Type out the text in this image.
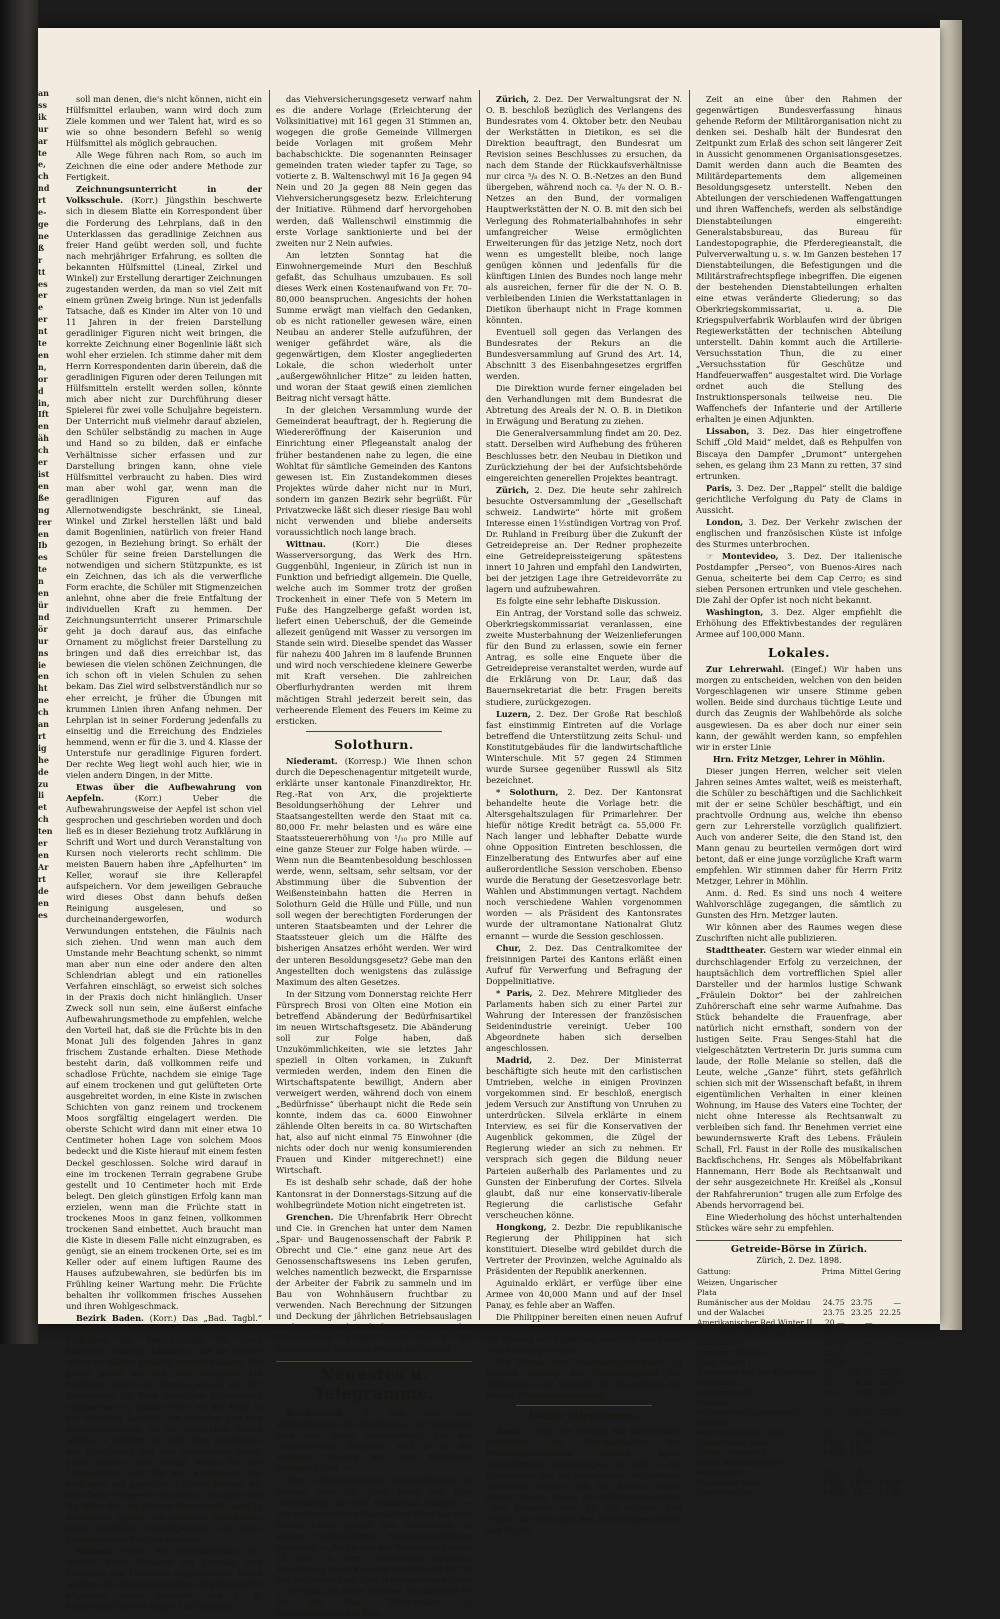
an
ss
ik
ur
ar
te
e,
ch
nd
rt
e-
ge
ne
ß
r
tt
es
er
e
er
nt
te
en
n,
or
d
in,
Ift
en
äh
ch
er
ist
en
ße
ng
rer
en
Ib
es
te
n
en
ür
nd
ör
ur
ns
ie
en
ht
ne
ch
an
rt
ig
he
de
zu
li
et
ch
ten
er
en
Ar
rt
de
en
es

soll man denen, die's nicht können, nicht ein Hülfsmittel erlauben, wann wird doch zum Ziele kommen und wer Talent hat, wird es so wie so ohne besondern Befehl so wenig Hülfsmittel als möglich gebrauchen.

Alle Wege führen nach Rom, so auch im Zeichnen die eine oder andere Methode zur Fertigkeit.

Zeichnungsunterricht in der Volksschule. (Korr.) Jüngsthin beschwerte sich in diesem Blatte ein Korrespondent über die Forderung des Lehrplans, daß in den Unterklassen das geradlinige Zeichnen aus freier Hand geübt werden soll, und fuchte nach mehrjähriger Erfahrung, es sollten die bekannten Hülfsmittel (Lineal, Zirkel und Winkel) zur Erstellung derartiger Zeichnungen zugestanden werden, da man so viel Zeit mit einem grünen Zweig bringe. Nun ist jedenfalls Tatsache, daß es Kinder im Alter von 10 und 11 Jahren in der freien Darstellung geradliniger Figuren nicht weit bringen, die korrekte Zeichnung einer Bogenlinie läßt sich wohl eher erzielen. Ich stimme daher mit dem Herrn Korrespondenten darin überein, daß die geradlinigen Figuren oder deren Teilungen mit Hülfsmitteln erstellt werden sollen, könnte mich aber nicht zur Durchführung dieser Spielerei für zwei volle Schuljahre begeistern. Der Unterricht muß vielmehr darauf abzielen, den Schüler selbständig zu machen in Auge und Hand so zu bilden, daß er einfache Verhältnisse sicher erfassen und zur Darstellung bringen kann, ohne viele Hülfsmittel verbraucht zu haben. Dies wird man aber wohl gar, wenn man die geradlinigen Figuren auf das Allernotwendigste beschränkt, sie Lineal, Winkel und Zirkel herstellen läßt und bald damit Bogenlinien, natürlich von freier Hand gezogen, in Beziehung bringt. So erhält der Schüler für seine freien Darstellungen die notwendigen und sichern Stützpunkte, es ist ein Zeichnen, das ich als die verwerfliche Form erachte, die Schüler mit Stigmenzeichen anlehnt, ohne aber die freie Entfaltung der individuellen Kraft zu hemmen. Der Zeichnungsunterricht unserer Primarschule geht ja doch darauf aus, das einfache Ornament zu möglichst freier Darstellung zu bringen und daß dies erreichbar ist, das bewiesen die vielen schönen Zeichnungen, die ich schon oft in vielen Schulen zu sehen bekam. Das Ziel wird selbstverständlich nur so eher erreicht, je früher die Übungen mit krummen Linien ihren Anfang nehmen. Der Lehrplan ist in seiner Forderung jedenfalls zu einseitig und die Erreichung des Endzieles hemmend, wenn er für die 3. und 4. Klasse der Unterstufe nur geradlinige Figuren fordert. Der rechte Weg liegt wohl auch hier, wie in vielen andern Dingen, in der Mitte.

Etwas über die Aufbewahrung von Aepfeln.	(Korr.) Ueber die Aufbewahrungsweise der Aepfel ist schon viel gesprochen und geschrieben worden und doch ließ es in dieser Beziehung trotz Aufklärung in Schrift und Wort und durch Veranstaltung von Kursen noch vielerorts recht schlimm. Die meisten Bauern haben ihre „Apfelhurten“ im Keller, worauf sie ihre Kellerapfel aufspeichern. Vor dem jeweiligen Gebrauche wird dieses Obst dann behufs deßen Reinigung ausgelesen, und so durcheinandergeworfen, wodurch Verwundungen entstehen, die Fäulnis nach sich ziehen. Und wenn man auch dem Umstande mehr Beachtung schenkt, so nimmt man aber nun eine oder andere den alten Schlendrian ablegt und ein rationelles Verfahren einschlägt, so erweist sich solches in der Praxis doch nicht hinlänglich. Unser Zweck soll nun sein, eine äußerst einfache Aufbewahrungsmethode zu empfehlen, welche den Vorteil hat, daß sie die Früchte bis in den Monat Juli des folgenden Jahres in ganz frischem Zustande erhalten. Diese Methode besteht darin, daß vollkommen reife und schadlose Früchte, nachdem sie einige Tage auf einem trockenen und gut gelüfteten Orte ausgebreitet worden, in eine Kiste in zwischen Schichten von ganz reinem und trockenem Moos sorgfältig eingelagert werden. Die oberste Schicht wird dann mit einer etwa 10 Centimeter hohen Lage von solchem Moos bedeckt und die Kiste hierauf mit einem festen Deckel geschlossen. Solche wird darauf in eine im trockenen Terrain gegrabene Grube gestellt und 10 Centimeter hoch mit Erde belegt. Den gleich günstigen Erfolg kann man erzielen, wenn man die Früchte statt in trockenes Moos in ganz feinen, vollkommen trockenen Sand einbettet. Auch braucht man die Kiste in diesem Falle nicht einzugraben, es genügt, sie an einem trockenen Orte, sei es im Keller oder auf einem luftigen Raume des Hauses aufzubewahren, sie bedürfen bis im Frühling keiner Wartung mehr. Die Früchte behalten ihr vollkommen frisches Aussehen und ihren Wohlgeschmack.

Bezirk Baden. (Korr.) Das „Bad. Tagbl.“ schwingt zu der Großratswahl im Kreise Mellingen das Weihrauchfaß für einen liberalen Günstling Lehmann, daß die Wähler schon zu wählen genötigt werden müssen. Wir geben gerne zu, daß sein Ausgleich bei Mellingen einer sein Kreuze sowohl wie der Aristokratie im Rate manchem Schulbändel ausgesessen im Stande wäre, als der Kreis in der Mehrheit besteht: den Arbeiter- und den Kleinbauernstand, in die Schranken treten würde, so müßten wir doch dem Kandidaten der Hochfinanz und der Aristokratie kennt, nicht: dessen Herz schlägt weder für den Lohnarbeiter noch für den Kleinbauer. Für Mellingen auf geprüften Lehrern kennen wir den Herrn Fürsprech von nicht. Uebrigens hat Hr. Ißler, der mit Armern überschnitt, wohl in Ambrerach gerade bei letzteren Umständen, seine Kandidatur zurückgezogen, um einem Einheimischen Platz zu machen.

Freiamt. (Korr.) Wie vorauszusehen war, wurden beide Vorlagen am Sonntag vom Souverän des Freiamtes angenommen. Dabei wurden die allerbedeutendsten Ergebnisse für allgemein höher gemacht, wie z. B. Sarmenstorf mit 76 gegen 122 Stimmen

das Viehversicherungsgesetz verwarf nahm es die andere Vorlage (Erleichterung der Volksinitiative) mit 161 gegen 31 Stimmen an, wogegen die große Gemeinde Villmergen beide Vorlagen mit großem Mehr bachabschickte. Die sogenannten Reinsager gemeinden traten wieder tapfer zu Tage, so votierte z. B. Waltenschwyl mit 16 Ja gegen 94 Nein und 20 Ja gegen 88 Nein gegen das Viehversicherungsgesetz bezw. Erleichterung der Initiative. Rühmend darf hervorgehoben werden, daß Wallenschwil einstimmig die erste Vorlage sanktionierte und bei der zweiten nur 2 Nein aufwies.

Am letzten Sonntag hat die Einwohnergemeinde Muri den Beschluß gefaßt, das Schulhaus umzubauen. Es soll dieses Werk einen Kostenaufwand von Fr. 70–80,000 beanspruchen. Angesichts der hohen Summe erwägt man vielfach den Gedanken, ob es nicht rationeller gewesen wäre, einen Neubau an anderer Stelle aufzuführen, der weniger gefährdet wäre, als die gegenwärtigen, dem Kloster angegliederten Lokale, die schon wiederholt unter „außergewöhnlicher Hitze“ zu leiden hatten, und woran der Staat gewiß einen ziemlichen Beitrag nicht versagt hätte.

In der gleichen Versammlung wurde der Gemeinderat beauftragt, der h. Regierung die Wiedereröffnung der Kaiserunion und Einrichtung einer Pflegeanstalt analog der früher bestandenen nahe zu legen, die eine Wohltat für sämtliche Gemeinden des Kantons gewesen ist. Ein Zustandekommen dieses Projektes würde daher nicht nur in Muri, sondern im ganzen Bezirk sehr begrüßt. Für Privatzwecke läßt sich dieser riesige Bau wohl nicht verwenden und bliebe anderseits voraussichtlich noch lange brach.

Wittnau.	(Korr.) Die dieses Wasserversorgung, das Werk des Hrn. Guggenbühl, Ingenieur, in Zürich ist nun in Funktion und befriedigt allgemein. Die Quelle, welche auch im Sommer trotz der großen Trockenheit in einer Tiefe von 5 Metern im Fuße des Hangzelberge gefaßt worden ist, liefert einen Ueberschuß, der die Gemeinde allezeit genügend mit Wasser zu versorgen im Stande sein wird. Dieselbe spendet das Wasser für nahezu 400 Jahren im 8 laufende Brunnen und wird noch verschiedene kleinere Gewerbe mit Kraft versehen. Die zahlreichen Oberflurhydranten werden mit ihrem mächtigen Strahl jederzeit bereit sein, das verheerende Element des Feuers im Keime zu ersticken.

Solothurn.

Niederamt. (Korresp.) Wie Ihnen schon durch die Depeschenagentur mitgeteilt wurde, erklärte unser kantonale Finanzdirektor, Hr. Reg.-Rat von Arx, die projektierte Besoldungserhöhung der Lehrer und Staatsangestellten werde den Staat mit ca. 80,000 Fr. mehr belasten und es wäre eine Staatssteuererhöhung von ¹/₁₀ pro Mille auf eine ganze Steuer zur Folge haben würde. — Wenn nun die Beamtenbesoldung beschlossen werde, wenn, seltsam, sehr seltsam, vor der Abstimmung über die Subvention der Weißensteinbahn hatten die Herren in Solothurn Geld die Hülle und Fülle, und nun soll wegen der berechtigten Forderungen der unteren Staatsbeamten und der Lehrer die Staatssteuer gleich um die Hälfte des bisherigen Ansatzes erhöht werden. Wer wird der unteren Besoldungsgesetz? Gebe man den Angestellten doch wenigstens das zulässige Maximum des alten Gesetzes.

In der Sitzung vom Donnerstag reichte Herr Fürsprech Brosi von Olten eine Motion ein betreffend Abänderung der Bedürfnisartikel im neuen Wirtschaftsgesetz. Die Abänderung soll zur Folge haben, daß Unzukömmlichkeiten, wie sie letztes Jahr speziell in Olten vorkamen, in Zukunft vermieden werden, indem den Einen die Wirtschaftspatente bewilligt, Andern aber verweigert werden, während doch von einem „Bedürfnisse“ überhaupt nicht die Rede sein konnte, indem das ca. 6000 Einwohner zählende Olten bereits in ca. 80 Wirtschaften hat, also auf nicht einmal 75 Einwohner (die nichts oder doch nur wenig konsumierenden Frauen und Kinder mitgerechnet!) eine Wirtschaft.

Es ist deshalb sehr schade, daß der hohe Kantonsrat in der Donnerstags-Sitzung auf die wohlbegründete Motion nicht eingetreten ist.

Grenchen. Die Uhrenfabrik Herr Obrecht und Cie. in Grenchen hat unter dem Namen „Spar- und Baugenossenschaft der Fabrik P. Obrecht und Cie.“ eine ganz neue Art des Genossenschaftswesens ins Leben gerufen, welches namentlich bezweckt, die Ersparnisse der Arbeiter der Fabrik zu sammeln und im Bau von Wohnhäusern fruchtbar zu verwenden. Nach Berechnung der Sitzungen und Deckung der jährlichen Betriebsauslagen wird vom Ueberschuß 30 % in den Reservefonds gelegt und 70 % als Gewinnanteil unter die Mitglieder verteilt.

Neuestes u. Telegramme.

Bundesstadt, 2. Dez. Aus den Verhandlungen des Bundesrats. Der Bundesrat wird sich heute ausschließlich mit der Gesamtvorlage befassen, weil er in der heutigen Sitzung nur vier Mitglieder anwesend sind. —

Zum schweizerischen Generalkonsul in Brüssel wird Hr. Jules Borel von Bôle (Neuenburg), zur Zeit Vizekonsul, ernannt. — Der schweizerische Gesandte in Wien hat dem Kaiser Franz Joseph von Oesterreich zu seinem fünfzigjährigen Regierungsjubiläum gratuliert. — An die aus der Bundesstadt unter 25 Dez. in Bern verlassenen Beamten, Bewilligung eines Kredites von 395,000 Fr. für den Bau eines Post- und Telegraphengebäudes in Herisau und eines Kredites von 495,000 Fr. für ein Post-, Telegraphen- u. Telephongebäude in Zug.

Zürich, 2. Dez. Der Verwaltungsrat der N. O. B. beschloß bezüglich des Verlangens des Bundesrates vom 4. Oktober betr. den Neubau der Werkstätten in Dietikon, es sei die Direktion beauftragt, den Bundesrat um Revision seines Beschlusses zu ersuchen, da nach dem Stande der Rückkaufsverhältnisse nur circa ⁵/₈ des N. O. B.-Netzes an den Bund übergeben, während noch ca. ³/₈ der N. O. B.-Netzes an den Bund, der vormaligen Hauptwerkstätten der N. O. B. mit den sich bei Verlegung des Rohmaterialbahnhofes in sehr umfangreicher Weise ermöglichten Erweiterungen für das jetzige Netz, noch dort wenn es umgestellt bleibe, noch lange genügen können und jedenfalls für die künftigen Linien des Bundes noch lange mehr als ausreichen, ferner für die der N. O. B. verbleibenden Linien die Werkstattanlagen in Dietikon überhaupt nicht in Frage kommen könnten.

Eventuell soll gegen das Verlangen des Bundesrates der Rekurs an die Bundesversammlung auf Grund des Art. 14, Abschnitt 3 des Eisenbahngesetzes ergriffen werden.

Die Direktion wurde ferner eingeladen bei den Verhandlungen mit dem Bundesrat die Abtretung des Areals der N. O. B. in Dietikon in Erwägung und Beratung zu ziehen.

Die Generalversammlung findet am 20. Dez. statt. Derselben wird Aufhebung des früheren Beschlusses betr. den Neubau in Dietikon und Zurückziehung der bei der Aufsichtsbehörde eingereichten generellen Projektes beantragt.

Zürich, 2. Dez. Die heute sehr zahlreich besuchte Ostversammlung der „Gesellschaft schweiz. Landwirte“ hörte mit großem Interesse einen 1½stündigen Vortrag von Prof. Dr. Ruhland in Freiburg über die Zukunft der Getreidepreise an. Der Redner prophezeite eine Getreidepreissteigerung spätestens innert 10 Jahren und empfahl den Landwirten, bei der jetzigen Lage ihre Getreidevorräte zu lagern und aufzubewahren.

Es folgte eine sehr lebhafte Diskussion.

Ein Antrag, der Vorstand solle das schweiz. Oberkriegskommissariat veranlassen, eine zweite Musterbahnung der Weizenlieferungen für den Bund zu erlassen, sowie ein ferner Antrag, es solle eine Enquete über die Getreidepreise veranstaltet werden, wurde auf die Erklärung von Dr. Laur, daß das Bauernsekretariat die betr. Fragen bereits studiere, zurückgezogen.

Luzern, 2. Dez. Der Große Rat beschloß fast einstimmig Eintreten auf die Vorlage betreffend die Unterstützung zeits Schul- und Konstitutgebäudes für die landwirtschaftliche Winterschule. Mit 57 gegen 24 Stimmen wurde Sursee gegenüber Russwil als Sitz bezeichnet.

* Solothurn, 2. Dez. Der Kantonsrat behandelte heute die Vorlage betr. die Altersgehaltszulagen für Primarlehrer. Der hiefür nötige Kredit beträgt ca. 55,000 Fr. Nach langer und lebhafter Debatte wurde ohne Opposition Eintreten beschlossen, die Einzelberatung des Entwurfes aber auf eine außerordentliche Session verschoben. Ebenso wurde die Beratung der Gesetzesvorlage betr. Wahlen und Abstimmungen vertagt. Nachdem noch verschiedene Wahlen vorgenommen worden — als Präsident des Kantonsrates wurde der ultramontane Nationalrat Glutz ernannt — wurde die Session geschlossen.

Chur, 2. Dez. Das Centralkomitee der freisinnigen Partei des Kantons erläßt einen Aufruf für Verwerfung und Befragung der Doppelinitiative.

* Paris, 2. Dez. Mehrere Mitglieder des Parlaments haben sich zu einer Partei zur Wahrung der Interessen der französischen Seidenindustrie vereinigt. Ueber 100 Abgeordnete haben sich derselben angeschlossen.

Madrid, 2. Dez. Der Ministerrat beschäftigte sich heute mit den carlistischen Umtrieben, welche in einigen Provinzen vorgekommen sind. Er beschloß, energisch jedem Versuch zur Anstiftung von Unruhen zu unterdrücken. Silvela erklärte in einem Interview, es sei für die Konservativen der Augenblick gekommen, die Zügel der Regierung wieder an sich zu nehmen. Er versprach sich gegen die Bildung neuer Parteien außerhalb des Parlamentes und zu Gunsten der Einberufung der Cortes. Silvela glaubt, daß nur eine konservativ-liberale Regierung die carlistische Gefahr verscheuchen könne.

Hongkong, 2. Dezbr. Die republikanische Regierung der Philippinen hat sich konstituiert. Dieselbe wird gebildet durch die Vertreter der Provinzen, welche Aguinaldo als Präsidenten der Republik anerkennen.

Aguinaldo erklärt, er verfüge über eine Armee von 40,000 Mann und auf der Insel Panay, es fehle aber an Waffen.

Die Philippiner bereiten einen neuen Aufruf an die Vereinigten Staaten vor, in welchem sie die Bildung der Regierung anzeigen und deren Anerkennung fordern.

Die Presse der Unabhängigkeitspartei in Manilla verlangt die Unabhängigkeit der Philippinen und verwirft die Beschlüsse der Pariser Friedenskommission.

Letzte Telegramme.

Bern, 3. Dez. Die Vorlage des Bundesrates betreffend die Reorganisation des Militärdepartements enthält keine eingreifenden Aenderungen. Sie will in der Hauptsache nur die bestehenden Verhältnisse gesetzlich ordnen und bei diesen Anlaße einige Fragen, die in der Militärorganisation offen gelassen sind, für die nächste Zeit regeln. Die Botschaft des Bundesrates betont, daß für die

Zeit an eine über den Rahmen der gegenwärtigen Bundesverfassung hinaus gehende Reform der Militärorganisation nicht zu denken sei. Deshalb hält der Bundesrat den Zeitpunkt zum Erlaß des schon seit längerer Zeit in Aussicht genommenen Organisationsgesetzes. Damit werden dann auch die Beamten des Militärdepartements dem allgemeinen Besoldungsgesetz unterstellt. Neben den Abteilungen der verschiedenen Waffengattungen und ihren Waffenchefs, werden als selbständige Dienstabteilungen eingereiht: Generalstabsbureau, das Bureau für Landestopographie, die Pferderegieanstalt, die Pulververwaltung u. s. w. Im Ganzen bestehen 17 Dienstabteilungen, die Befestigungen und die Militärstrafrechtspflege inbegriffen. Die eigenen der bestehenden Dienstabteilungen erhalten eine etwas veränderte Gliederung; so das Oberkriegskommissariat, u. a. Die Kriegspulverfabrik Worblaufen wird der übrigen Regiewerkstätten der technischen Abteilung unterstellt. Dahin kommt auch die Artillerie-Versuchsstation Thun, die zu einer „Versuchsstation für Geschütze und Handfeuerwaffen“ ausgestaltet wird. Die Vorlage ordnet auch die Stellung des Instruktionspersonals teilweise neu. Die Waffenchefs der Infanterie und der Artillerie erhalten je einen Adjunkten.

Lissabon, 3. Dez. Das hier eingetroffene Schiff „Old Maid“ meldet, daß es Rehpulfen von Biscaya den Dampfer „Drumont“ untergehen sehen, es gelang ihm 23 Mann zu retten, 37 sind ertrunken.

Paris, 3. Dez. Der „Rappel“ stellt die baldige gerichtliche Verfolgung du Paty de Clams in Aussicht.

London, 3. Dez. Der Verkehr zwischen der englischen und französischen Küste ist infolge des Sturmes unterbrochen.

☞ Montevideo, 3. Dez. Der italienische Postdampfer „Perseo“, von Buenos-Aires nach Genua, scheiterte bei dem Cap Cerro; es sind sieben Personen ertrunken und viele geschehen. Die Zahl der Opfer ist noch nicht bekannt.

Washington, 3. Dez. Alger empfiehlt die Erhöhung des Effektivbestandes der regulären Armee auf 100,000 Mann.

Lokales.

Zur Lehrerwahl. (Eingef.) Wir haben uns morgen zu entscheiden, welchen von den beiden Vorgeschlagenen wir unsere Stimme geben wollen. Beide sind durchaus tüchtige Leute und durch das Zeugnis der Wahlbehörde als solche ausgewiesen. Da es aber doch nur einer sein kann, der gewählt werden kann, so empfehlen wir in erster Linie

Hrn. Fritz Metzger, Lehrer in Möhlin.

Dieser jungen Herren, welcher seit vielen Jahren seines Amtes waltet, weiß es meisterhaft, die Schüler zu beschäftigen und die Sachlichkeit mit der er seine Schüler beschäftigt, und ein prachtvolle Ordnung aus, welche ihn ebenso gern zur Lehrerstelle vorzüglich qualifiziert. Auch von anderer Seite, die den Stand ist, den Mann genau zu beurteilen vermögen dort wird betont, daß er eine junge vorzügliche Kraft warm empfehlen. Wir stimmen daher für Herrn Fritz Metzger, Lehrer in Möhlin.

Anm. d. Red. Es sind uns noch 4 weitere Wahlvorschläge zugegangen, die sämtlich zu Gunsten des Hrn. Metzger lauten.

Wir können aber des Raumes wegen diese Zuschriften nicht alle publizieren.

Stadttheater. Gestern war wieder einmal ein durchschlagender Erfolg zu verzeichnen, der hauptsächlich dem vortrefflichen Spiel aller Darsteller und der harmlos lustige Schwank „Fräulein Doktor“ bei der zahlreichen Zuhörerschaft eine sehr warme Aufnahme. Das Stück behandelte die Frauenfrage, aber natürlich nicht ernsthaft, sondern von der lustigen Seite. Frau Senges-Stahl hat die vielgeschätzten Vertreterin Dr. juris summa cum laude, der Rolle Melanie so stellen, daß die Leute, welche „Ganze“ führt, stets gefährlich schien sich mit der Wissenschaft befaßt, in ihrem eigentümlichen Verhalten in einer kleinen Wohnung, im Hause des Vaters eine Tochter, der nicht ohne Interesse als Rechtsanwalt zu verbleiben sich fand. Ihr Benehmen verriet eine bewundernswerte Kraft des Lebens. Fräulein Schall, Frl. Faust in der Rolle des musikalischen Backfischchens, Hr. Senges als Möbelfabrikant Hannemann, Herr Bode als Rechtsanwalt und der sehr ausgezeichnete Hr. Kreißel als „Konsul der Rahfahrerunion“ trugen alle zum Erfolge des Abends hervorragend bei.

Eine Wiederholung des höchst unterhaltenden Stückes wäre sehr zu empfehlen.

Getreide-Börse in Zürich.
Zürich, 2. Dez. 1898.
Gattung:	Prima	Mittel	Gering
Weizen, Ungarischer			
Plata			
Rumänischer aus der Moldau	24.75	23.75	—
und der Walachei	23.75	23.25	22.25
Amerikanischer Red Winter II	20.—	—	
Amerikanischer Kansas II	20.50	—	—
Manitoba I	21.75	—	—
Northern Duluth I	21.50	—	—
Hard Duluth I	22.50	—	—
Russischer aus der Krim neuer	25.—	24.25	23.50
Bessarabia	25.—	24.25	23.50
aus dem Asoff	25.—	24.25	23.50
Saxonka			
Inländischer (Landweizen)	25.—	24.25	23.50
Roggen	—	—	—
Mais, Cinquantin, altes	20.—	19.—	18.—
Ungarischer, altes	17.25	16.75	—
Gerste, Brausorte	14.75	14.50	—
Hafer, Amerikanischer			
Böhmischer	19.—	18.—	—
Russischer alter	19.25	18.50	17.50
Deutscher, neu	18.75	18.—	17.50
